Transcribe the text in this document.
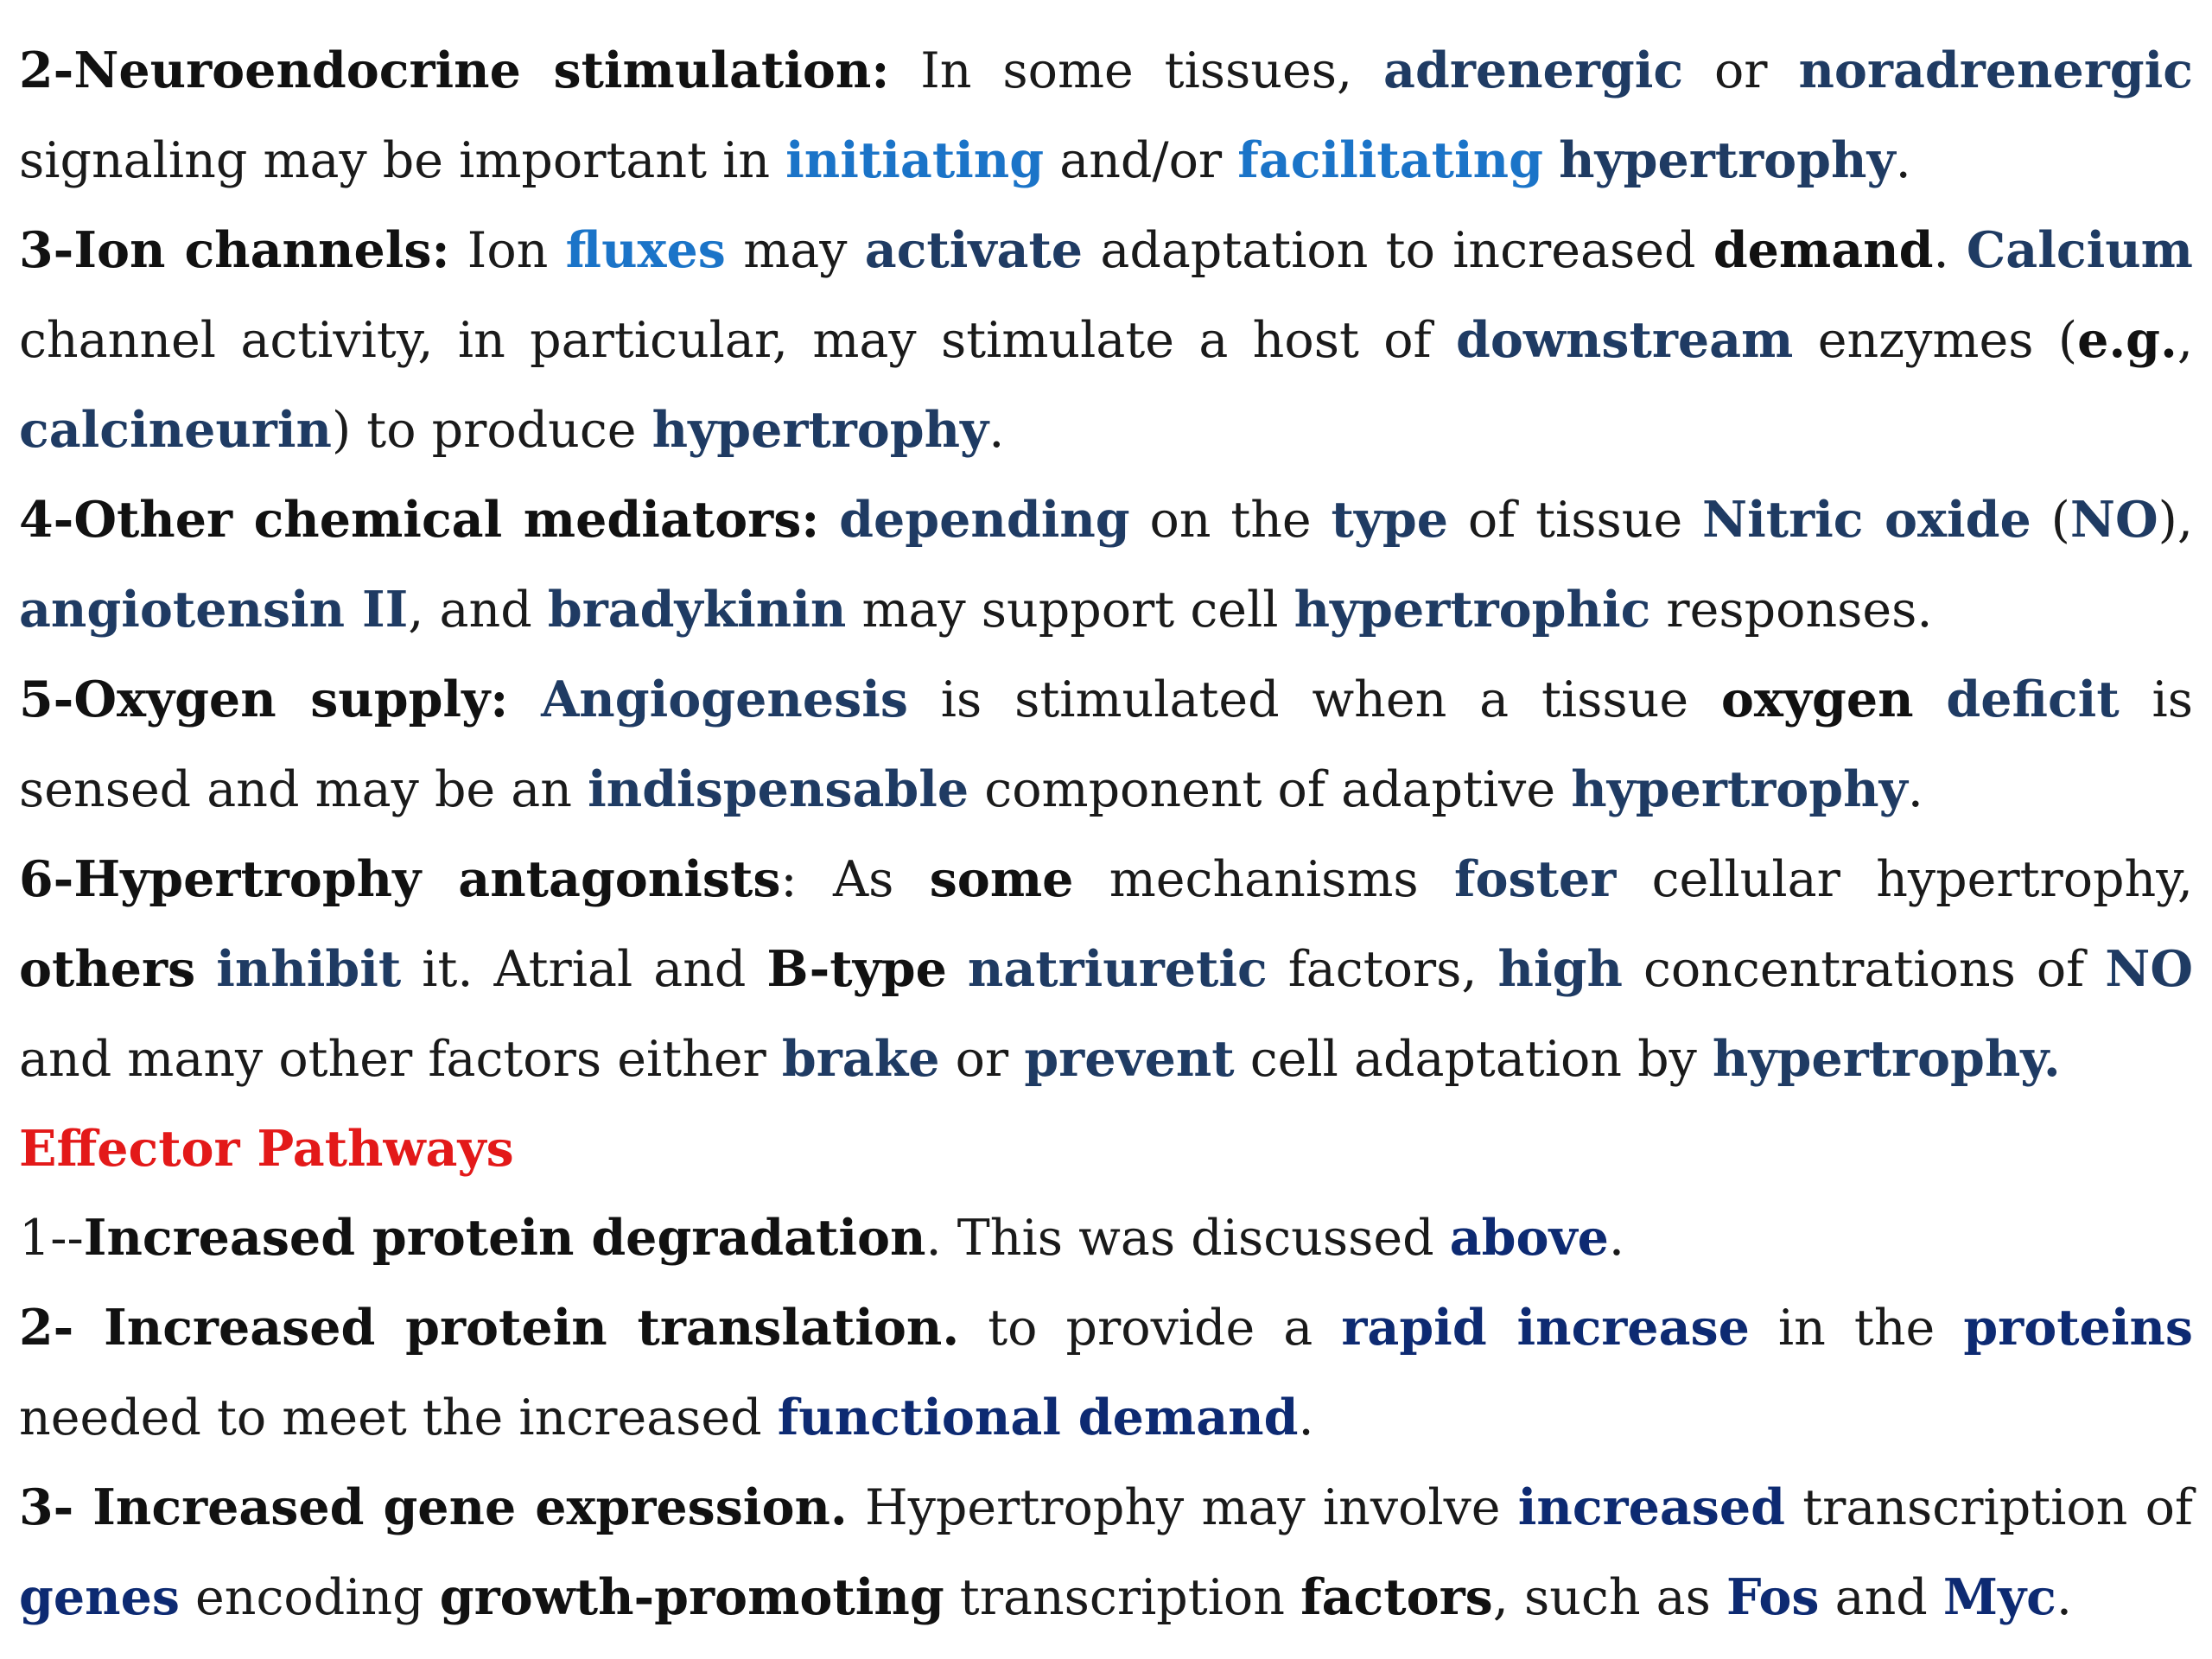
2-Neuroendocrine stimulation: In some tissues, adrenergic or noradrenergic signaling may be important in initiating and/or facilitating hypertrophy.

3-Ion channels: Ion fluxes may activate adaptation to increased demand. Calcium channel activity, in particular, may stimulate a host of downstream enzymes (e.g., calcineurin) to produce hypertrophy.

4-Other chemical mediators: depending on the type of tissue Nitric oxide (NO), angiotensin II, and bradykinin may support cell hypertrophic responses.

5-Oxygen supply: Angiogenesis is stimulated when a tissue oxygen deficit is sensed and may be an indispensable component of adaptive hypertrophy.

6-Hypertrophy antagonists: As some mechanisms foster cellular hypertrophy, others inhibit it. Atrial and B-type natriuretic factors, high concentrations of NO and many other factors either brake or prevent cell adaptation by hypertrophy.

Effector Pathways

1--Increased protein degradation. This was discussed above.

2- Increased protein translation. to provide a rapid increase in the proteins needed to meet the increased functional demand.

3- Increased gene expression. Hypertrophy may involve increased transcription of genes encoding growth-promoting transcription factors, such as Fos and Myc.
